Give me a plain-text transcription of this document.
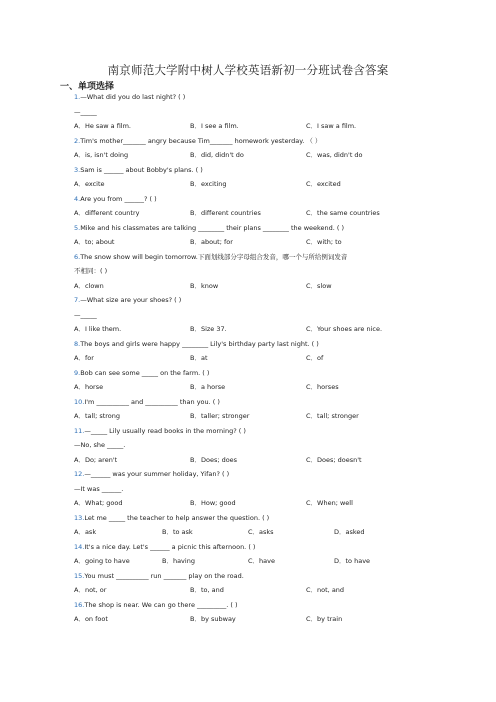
南京师范大学附中树人学校英语新初一分班试卷含答案
一、单项选择
1.—What did you do last night? ( )
—_____
A．He saw a film.	B．I see a film.	C．I saw a film.
2.Tim's mother_______ angry because Tim_______ homework yesterday. （ ）
A．is, isn't doing	B．did, didn't do	C．was, didn't do
3.Sam is ______ about Bobby's plans. ( )
A．excite	B．exciting	C．excited
4.Are you from ______? ( )
A．different country	B．different countries	C．the same countries
5.Mike and his classmates are talking ________ their plans ________ the weekend. ( )
A．to; about	B．about; for	C．with; to
6.The snow show will begin tomorrow.下面划线部分字母组合发音，哪一个与所给例词发音
不相同：( )
A．clown	B．know	C．slow
7.—What size are your shoes? ( )
—_____
A．I like them.	B．Size 37.	C．Your shoes are nice.
8.The boys and girls were happy ________ Lily's birthday party last night. ( )
A．for	B．at	C．of
9.Bob can see some _____ on the farm. ( )
A．horse	B．a horse	C．horses
10.I'm __________ and __________ than you. ( )
A．tall; strong	B．taller; stronger	C．tall; stronger
11.—_____ Lily usually read books in the morning? ( )
—No, she _____.
A．Do; aren't	B．Does; does	C．Does; doesn't
12.—______ was your summer holiday, Yifan? ( )
—It was ______.
A．What; good	B．How; good	C．When; well
13.Let me _____ the teacher to help answer the question. ( )
A．ask	B．to ask	C．asks	D．asked
14.It's a nice day. Let's ______ a picnic this afternoon. ( )
A．going to have	B．having	C．have	D．to have
15.You must __________ run _______ play on the road.
A．not, or	B．to, and	C．not, and
16.The shop is near. We can go there _________. ( )
A．on foot	B．by subway	C．by train
